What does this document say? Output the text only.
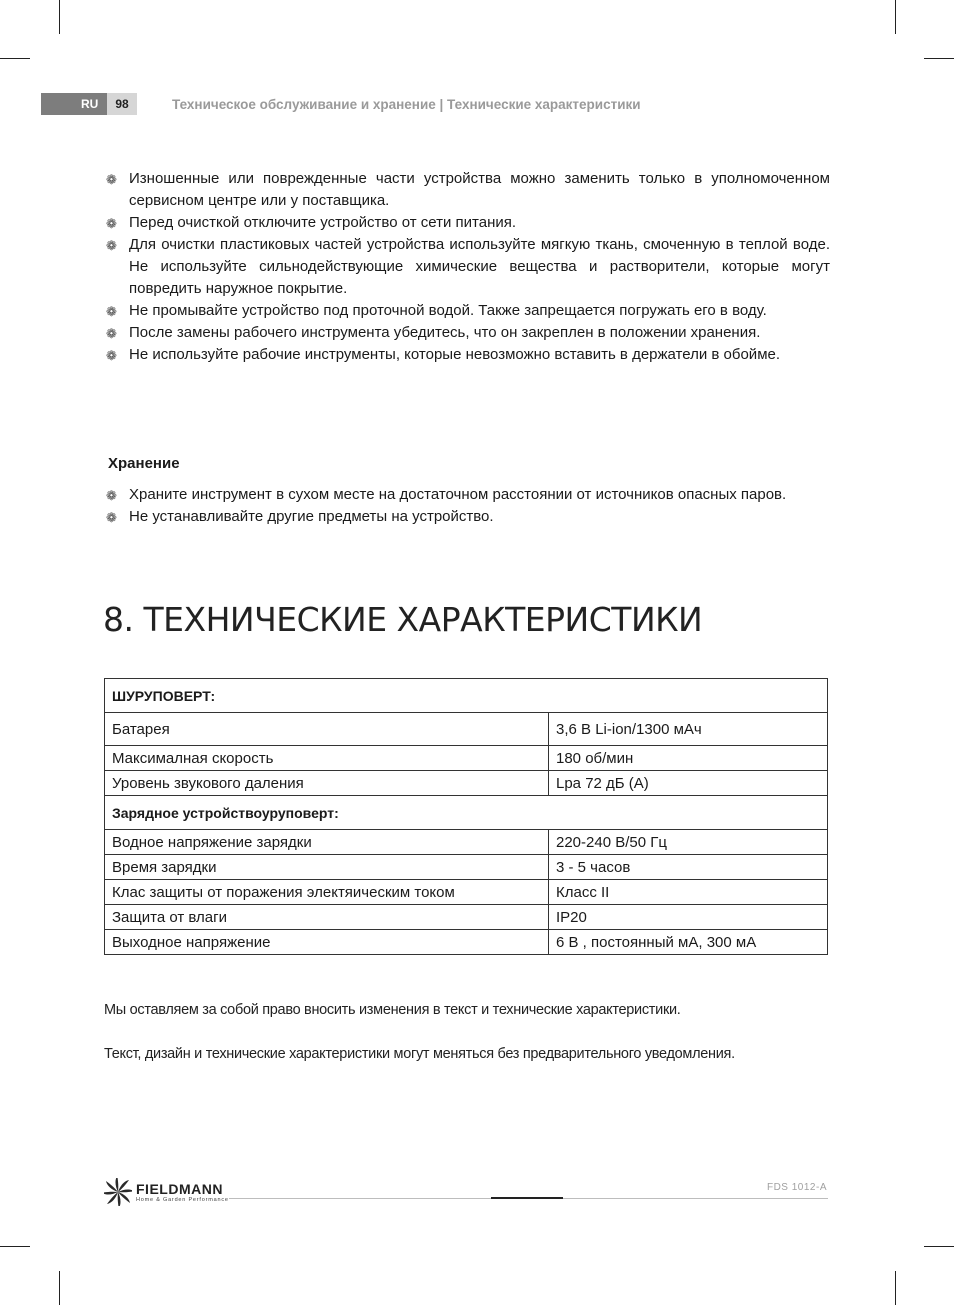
RU	98	Техническое обслуживание и хранение | Технические характеристики
❁ Изношенные или поврежденные части устройства можно заменить только в уполномоченном сервисном центре или у поставщика.
❁ Перед очисткой отключите устройство от сети питания.
❁ Для очистки пластиковых частей устройства используйте мягкую ткань, смоченную в теплой воде. Не используйте сильнодействующие химические вещества и растворители, которые могут повредить наружное покрытие.
❁ Не промывайте устройство под проточной водой. Также запрещается погружать его в воду.
❁ После замены рабочего инструмента убедитесь, что он закреплен в положении хранения.
❁ Не используйте рабочие инструменты, которые невозможно вставить в держатели в обойме.
Хранение
❁ Храните инструмент в сухом месте на достаточном расстоянии от источников опасных паров.
❁ Не устанавливайте другие предметы на устройство.
8. ТЕХНИЧЕСКИЕ ХАРАКТЕРИСТИКИ
ШУРУПОВЕРТ:	
Батарея	3,6 В Li-ion/1300 мАч
Максималная скорость	180 об/мин
Уровень звукового даления	Lpa 72 дБ (A)
Зарядное устройствоуруповерт:	
Водное напряжение зарядки	220-240 В/50 Гц
Время зарядки	3 - 5 часов
Клас защиты от поражения электяическим током	Класс II
Защита от влаги	IP20
Выходное напряжение	6 В , постоянный мА, 300 мА
Мы оставляем за собой право вносить изменения в текст и технические характеристики.
Текст, дизайн и технические характеристики могут меняться без предварительного уведомления.
FIELDMANN
Home & Garden Performance
FDS 1012-A
